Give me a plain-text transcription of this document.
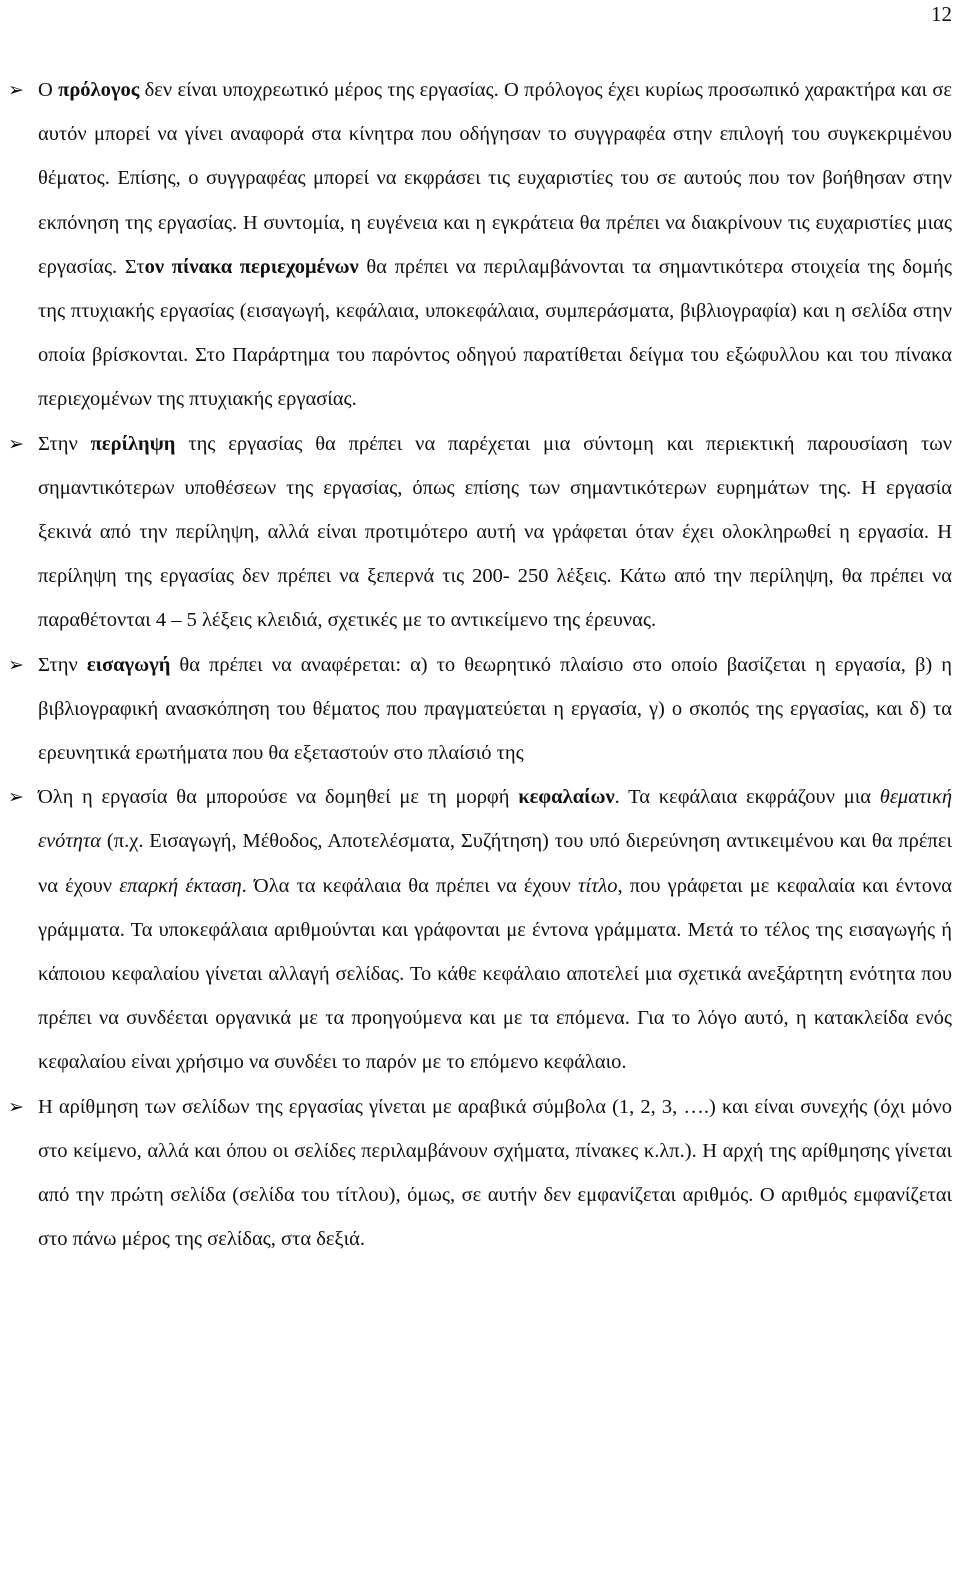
12
➢ Ο πρόλογος δεν είναι υποχρεωτικό μέρος της εργασίας. Ο πρόλογος έχει κυρίως προσωπικό χαρακτήρα και σε αυτόν μπορεί να γίνει αναφορά στα κίνητρα που οδήγησαν το συγγραφέα στην επιλογή του συγκεκριμένου θέματος. Επίσης, ο συγγραφέας μπορεί να εκφράσει τις ευχαριστίες του σε αυτούς που τον βοήθησαν στην εκπόνηση της εργασίας. Η συντομία, η ευγένεια και η εγκράτεια θα πρέπει να διακρίνουν τις ευχαριστίες μιας εργασίας. Στον πίνακα περιεχομένων θα πρέπει να περιλαμβάνονται τα σημαντικότερα στοιχεία της δομής της πτυχιακής εργασίας (εισαγωγή, κεφάλαια, υποκεφάλαια, συμπεράσματα, βιβλιογραφία) και η σελίδα στην οποία βρίσκονται. Στο Παράρτημα του παρόντος οδηγού παρατίθεται δείγμα του εξώφυλλου και του πίνακα περιεχομένων της πτυχιακής εργασίας.

➢ Στην περίληψη της εργασίας θα πρέπει να παρέχεται μια σύντομη και περιεκτική παρουσίαση των σημαντικότερων υποθέσεων της εργασίας, όπως επίσης των σημαντικότερων ευρημάτων της. Η εργασία ξεκινά από την περίληψη, αλλά είναι προτιμότερο αυτή να γράφεται όταν έχει ολοκληρωθεί η εργασία. Η περίληψη της εργασίας δεν πρέπει να ξεπερνά τις 200- 250 λέξεις. Κάτω από την περίληψη, θα πρέπει να παραθέτονται 4 – 5 λέξεις κλειδιά, σχετικές με το αντικείμενο της έρευνας.

➢ Στην εισαγωγή θα πρέπει να αναφέρεται: α) το θεωρητικό πλαίσιο στο οποίο βασίζεται η εργασία, β) η βιβλιογραφική ανασκόπηση του θέματος που πραγματεύεται η εργασία, γ) ο σκοπός της εργασίας, και δ) τα ερευνητικά ερωτήματα που θα εξεταστούν στο πλαίσιό της

➢ Όλη η εργασία θα μπορούσε να δομηθεί με τη μορφή κεφαλαίων. Τα κεφάλαια εκφράζουν μια θεματική ενότητα (π.χ. Εισαγωγή, Μέθοδος, Αποτελέσματα, Συζήτηση) του υπό διερεύνηση αντικειμένου και θα πρέπει να έχουν επαρκή έκταση. Όλα τα κεφάλαια θα πρέπει να έχουν τίτλο, που γράφεται με κεφαλαία και έντονα γράμματα. Τα υποκεφάλαια αριθμούνται και γράφονται με έντονα γράμματα. Μετά το τέλος της εισαγωγής ή κάποιου κεφαλαίου γίνεται αλλαγή σελίδας. Το κάθε κεφάλαιο αποτελεί μια σχετικά ανεξάρτητη ενότητα που πρέπει να συνδέεται οργανικά με τα προηγούμενα και με τα επόμενα. Για το λόγο αυτό, η κατακλείδα ενός κεφαλαίου είναι χρήσιμο να συνδέει το παρόν με το επόμενο κεφάλαιο.

➢ Η αρίθμηση των σελίδων της εργασίας γίνεται με αραβικά σύμβολα (1, 2, 3, ….) και είναι συνεχής (όχι μόνο στο κείμενο, αλλά και όπου οι σελίδες περιλαμβάνουν σχήματα, πίνακες κ.λπ.). Η αρχή της αρίθμησης γίνεται από την πρώτη σελίδα (σελίδα του τίτλου), όμως, σε αυτήν δεν εμφανίζεται αριθμός. Ο αριθμός εμφανίζεται στο πάνω μέρος της σελίδας, στα δεξιά.
